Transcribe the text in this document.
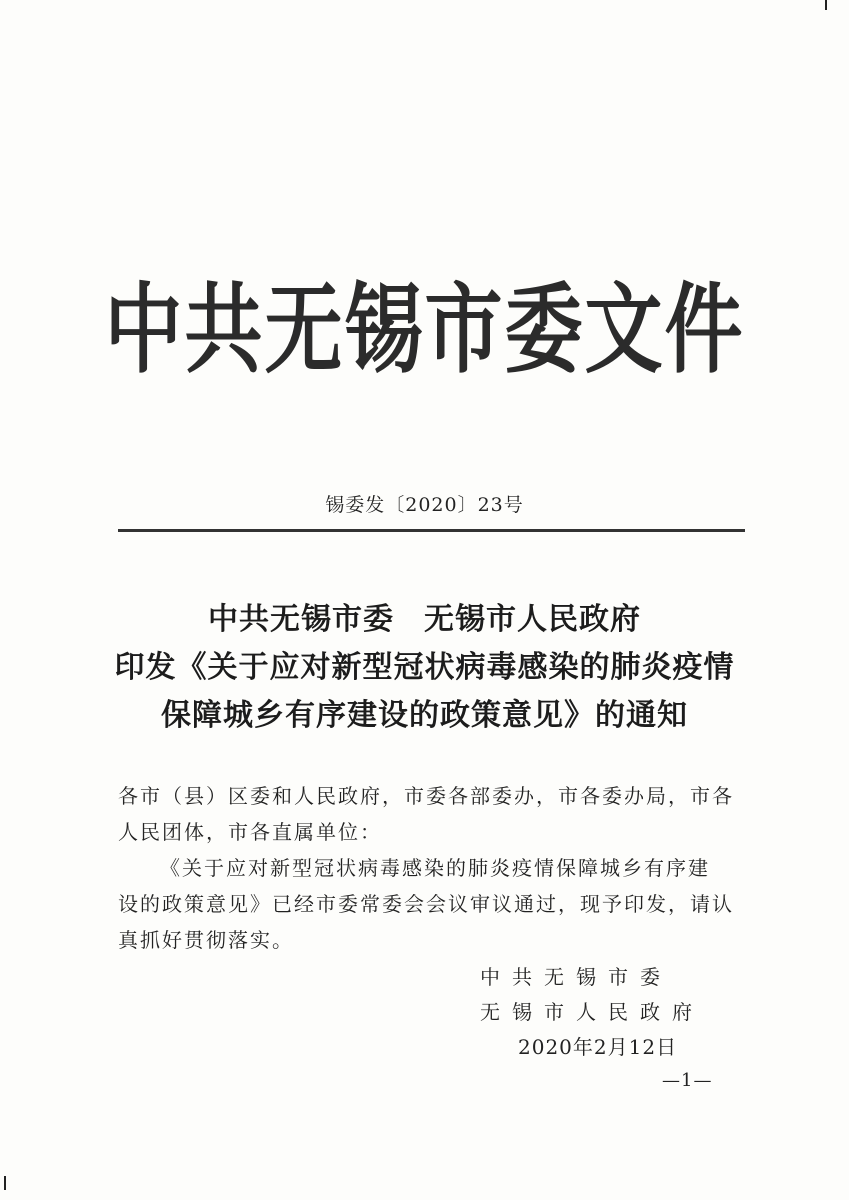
中共无锡市委文件
锡委发〔2020〕23号
中共无锡市委 无锡市人民政府
印发《关于应对新型冠状病毒感染的肺炎疫情
保障城乡有序建设的政策意见》的通知

各市（县）区委和人民政府，市委各部委办，市各委办局，市各

人民团体，市各直属单位：

《关于应对新型冠状病毒感染的肺炎疫情保障城乡有序建

设的政策意见》已经市委常委会会议审议通过，现予印发，请认

真抓好贯彻落实。

中共无锡市委
无锡市人民政府
2020年2月12日
—1—
